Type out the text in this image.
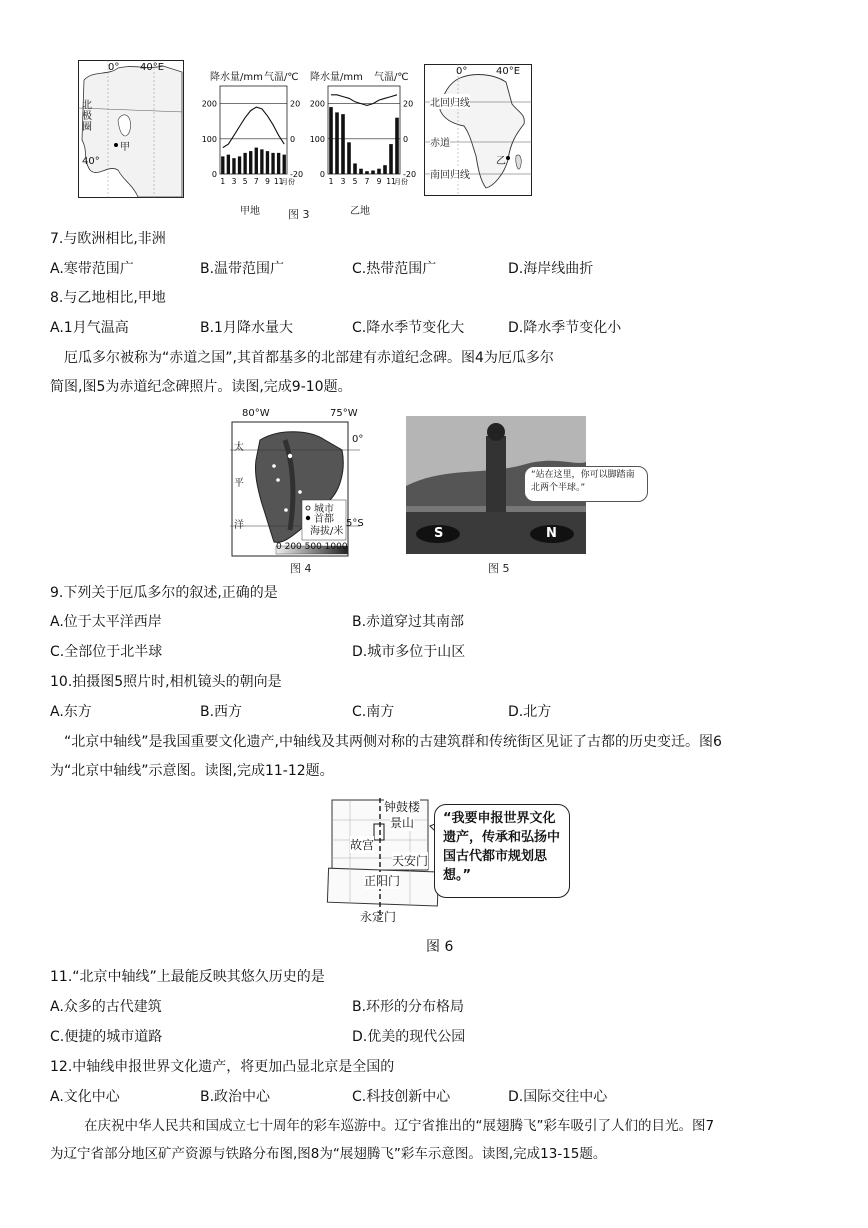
0° 40°E
北极圈
40°
甲
降水量/mm 气温/℃
200
100
0
20
0
-20
1 3 5 7 9 11
月份
甲地
降水量/mm 气温/℃
200
100
0
20
0
-20
1 3 5 7 9 11
月份
乙地
0°	40°E
北回归线
赤道
南回归线
乙
图 3
7.与欧洲相比,非洲
A.寒带范围广	B.温带范围广	C.热带范围广	D.海岸线曲折
8.与乙地相比,甲地
A.1月气温高	B.1月降水量大	C.降水季节变化大	D.降水季节变化小
厄瓜多尔被称为“赤道之国”,其首都基多的北部建有赤道纪念碑。图4为厄瓜多尔
简图,图5为赤道纪念碑照片。读图,完成9-10题。
80°W	75°W
0°
5°S
太
平
洋
城市
首都
海拔/米
0 200 500 1000
图 4
S	N
“站在这里，你可以脚踏南北两个半球。”
图 5
9.下列关于厄瓜多尔的叙述,正确的是
A.位于太平洋西岸	B.赤道穿过其南部
C.全部位于北半球	D.城市多位于山区
10.拍摄图5照片时,相机镜头的朝向是
A.东方	B.西方	C.南方	D.北方
“北京中轴线”是我国重要文化遗产,中轴线及其两侧对称的古建筑群和传统街区见证了古都的历史变迁。图6
为“北京中轴线”示意图。读图,完成11-12题。
钟鼓楼
景山
故宫
天安门
正阳门
永定门
“我要申报世界文化遗产，传承和弘扬中国古代都市规划思想。”
图 6
11.“北京中轴线”上最能反映其悠久历史的是
A.众多的古代建筑	B.环形的分布格局
C.便捷的城市道路	D.优美的现代公园
12.中轴线申报世界文化遗产，将更加凸显北京是全国的
A.文化中心	B.政治中心	C.科技创新中心	D.国际交往中心
在庆祝中华人民共和国成立七十周年的彩车巡游中。辽宁省推出的“展翅腾飞”彩车吸引了人们的目光。图7
为辽宁省部分地区矿产资源与铁路分布图,图8为“展翅腾飞”彩车示意图。读图,完成13-15题。
